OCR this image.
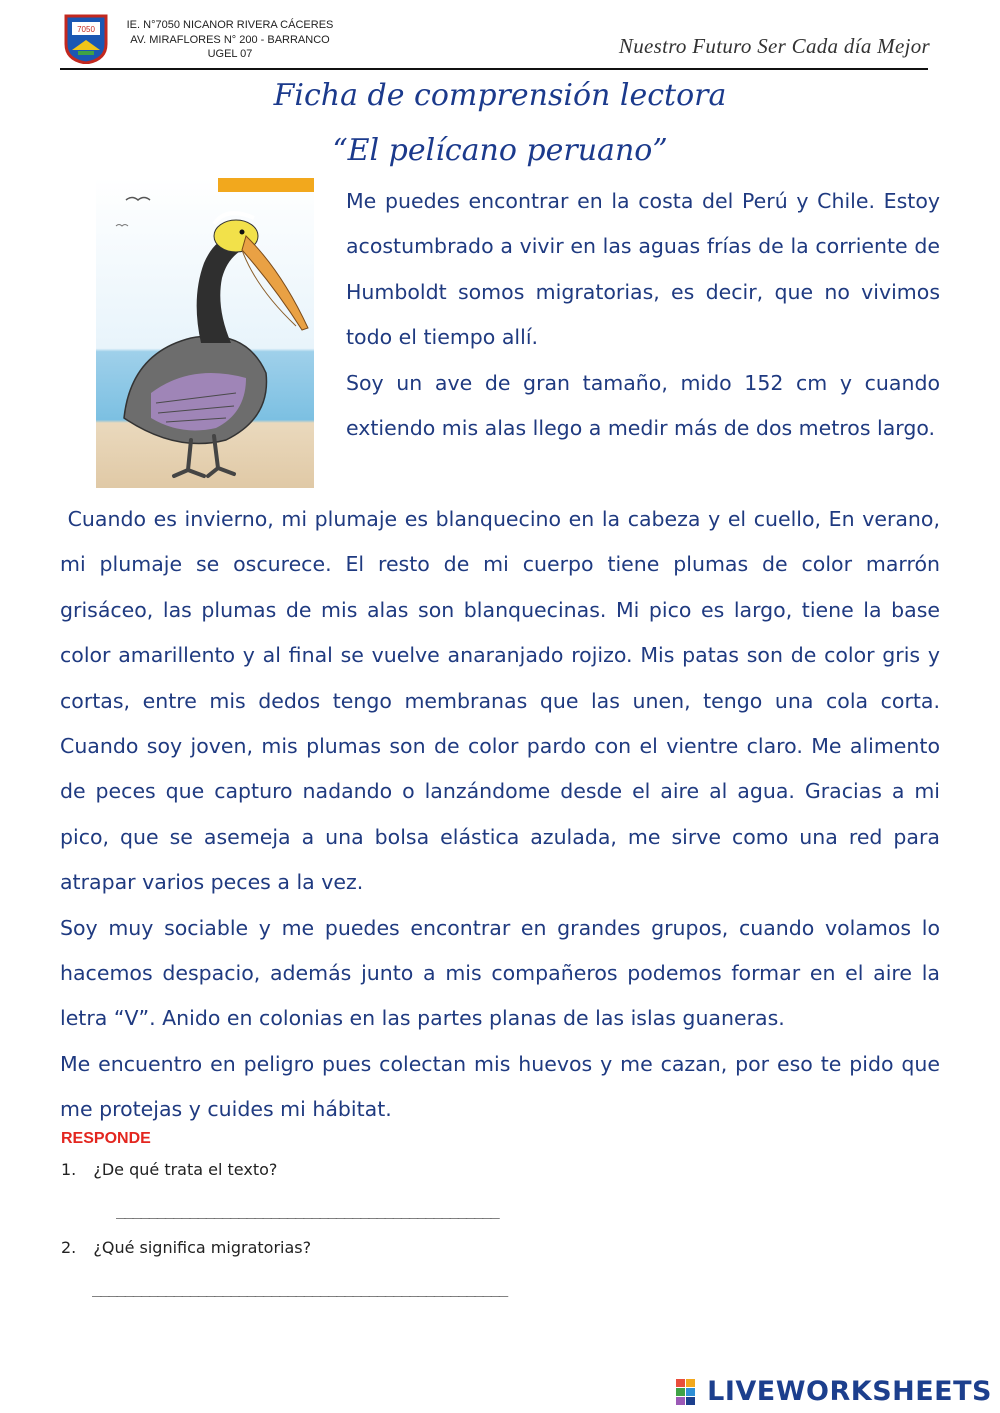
7050	IE. N°7050 NICANOR RIVERA CÁCERES
AV. MIRAFLORES N° 200 - BARRANCO
UGEL 07	Nuestro Futuro Ser Cada día Mejor
Ficha de comprensión lectora
“El pelícano peruano”
Me puedes encontrar en la costa del Perú y Chile. Estoy acostumbrado a vivir en las aguas frías de la corriente de Humboldt somos migratorias, es decir, que no vivimos todo el tiempo allí.
Soy un ave de gran tamaño, mido 152 cm y cuando extiendo mis alas llego a medir más de dos metros largo.
Cuando es invierno, mi plumaje es blanquecino en la cabeza y el cuello, En verano, mi plumaje se oscurece. El resto de mi cuerpo tiene plumas de color marrón grisáceo, las plumas de mis alas son blanquecinas. Mi pico es largo, tiene la base color amarillento y al final se vuelve anaranjado rojizo. Mis patas son de color gris y cortas, entre mis dedos tengo membranas que las unen, tengo una cola corta. Cuando soy joven, mis plumas son de color pardo con el vientre claro. Me alimento de peces que capturo nadando o lanzándome desde el aire al agua. Gracias a mi pico, que se asemeja a una bolsa elástica azulada, me sirve como una red para atrapar varios peces a la vez.
Soy muy sociable y me puedes encontrar en grandes grupos, cuando volamos lo hacemos despacio, además junto a mis compañeros podemos formar en el aire la letra “V”. Anido en colonias en las partes planas de las islas guaneras.
Me encuentro en peligro pues colectan mis huevos y me cazan, por eso te pido que me protejas y cuides mi hábitat.
RESPONDE
1. ¿De qué trata el texto?
_______________________________________________
2. ¿Qué significa migratorias?
___________________________________________________
LIVEWORKSHEETS
